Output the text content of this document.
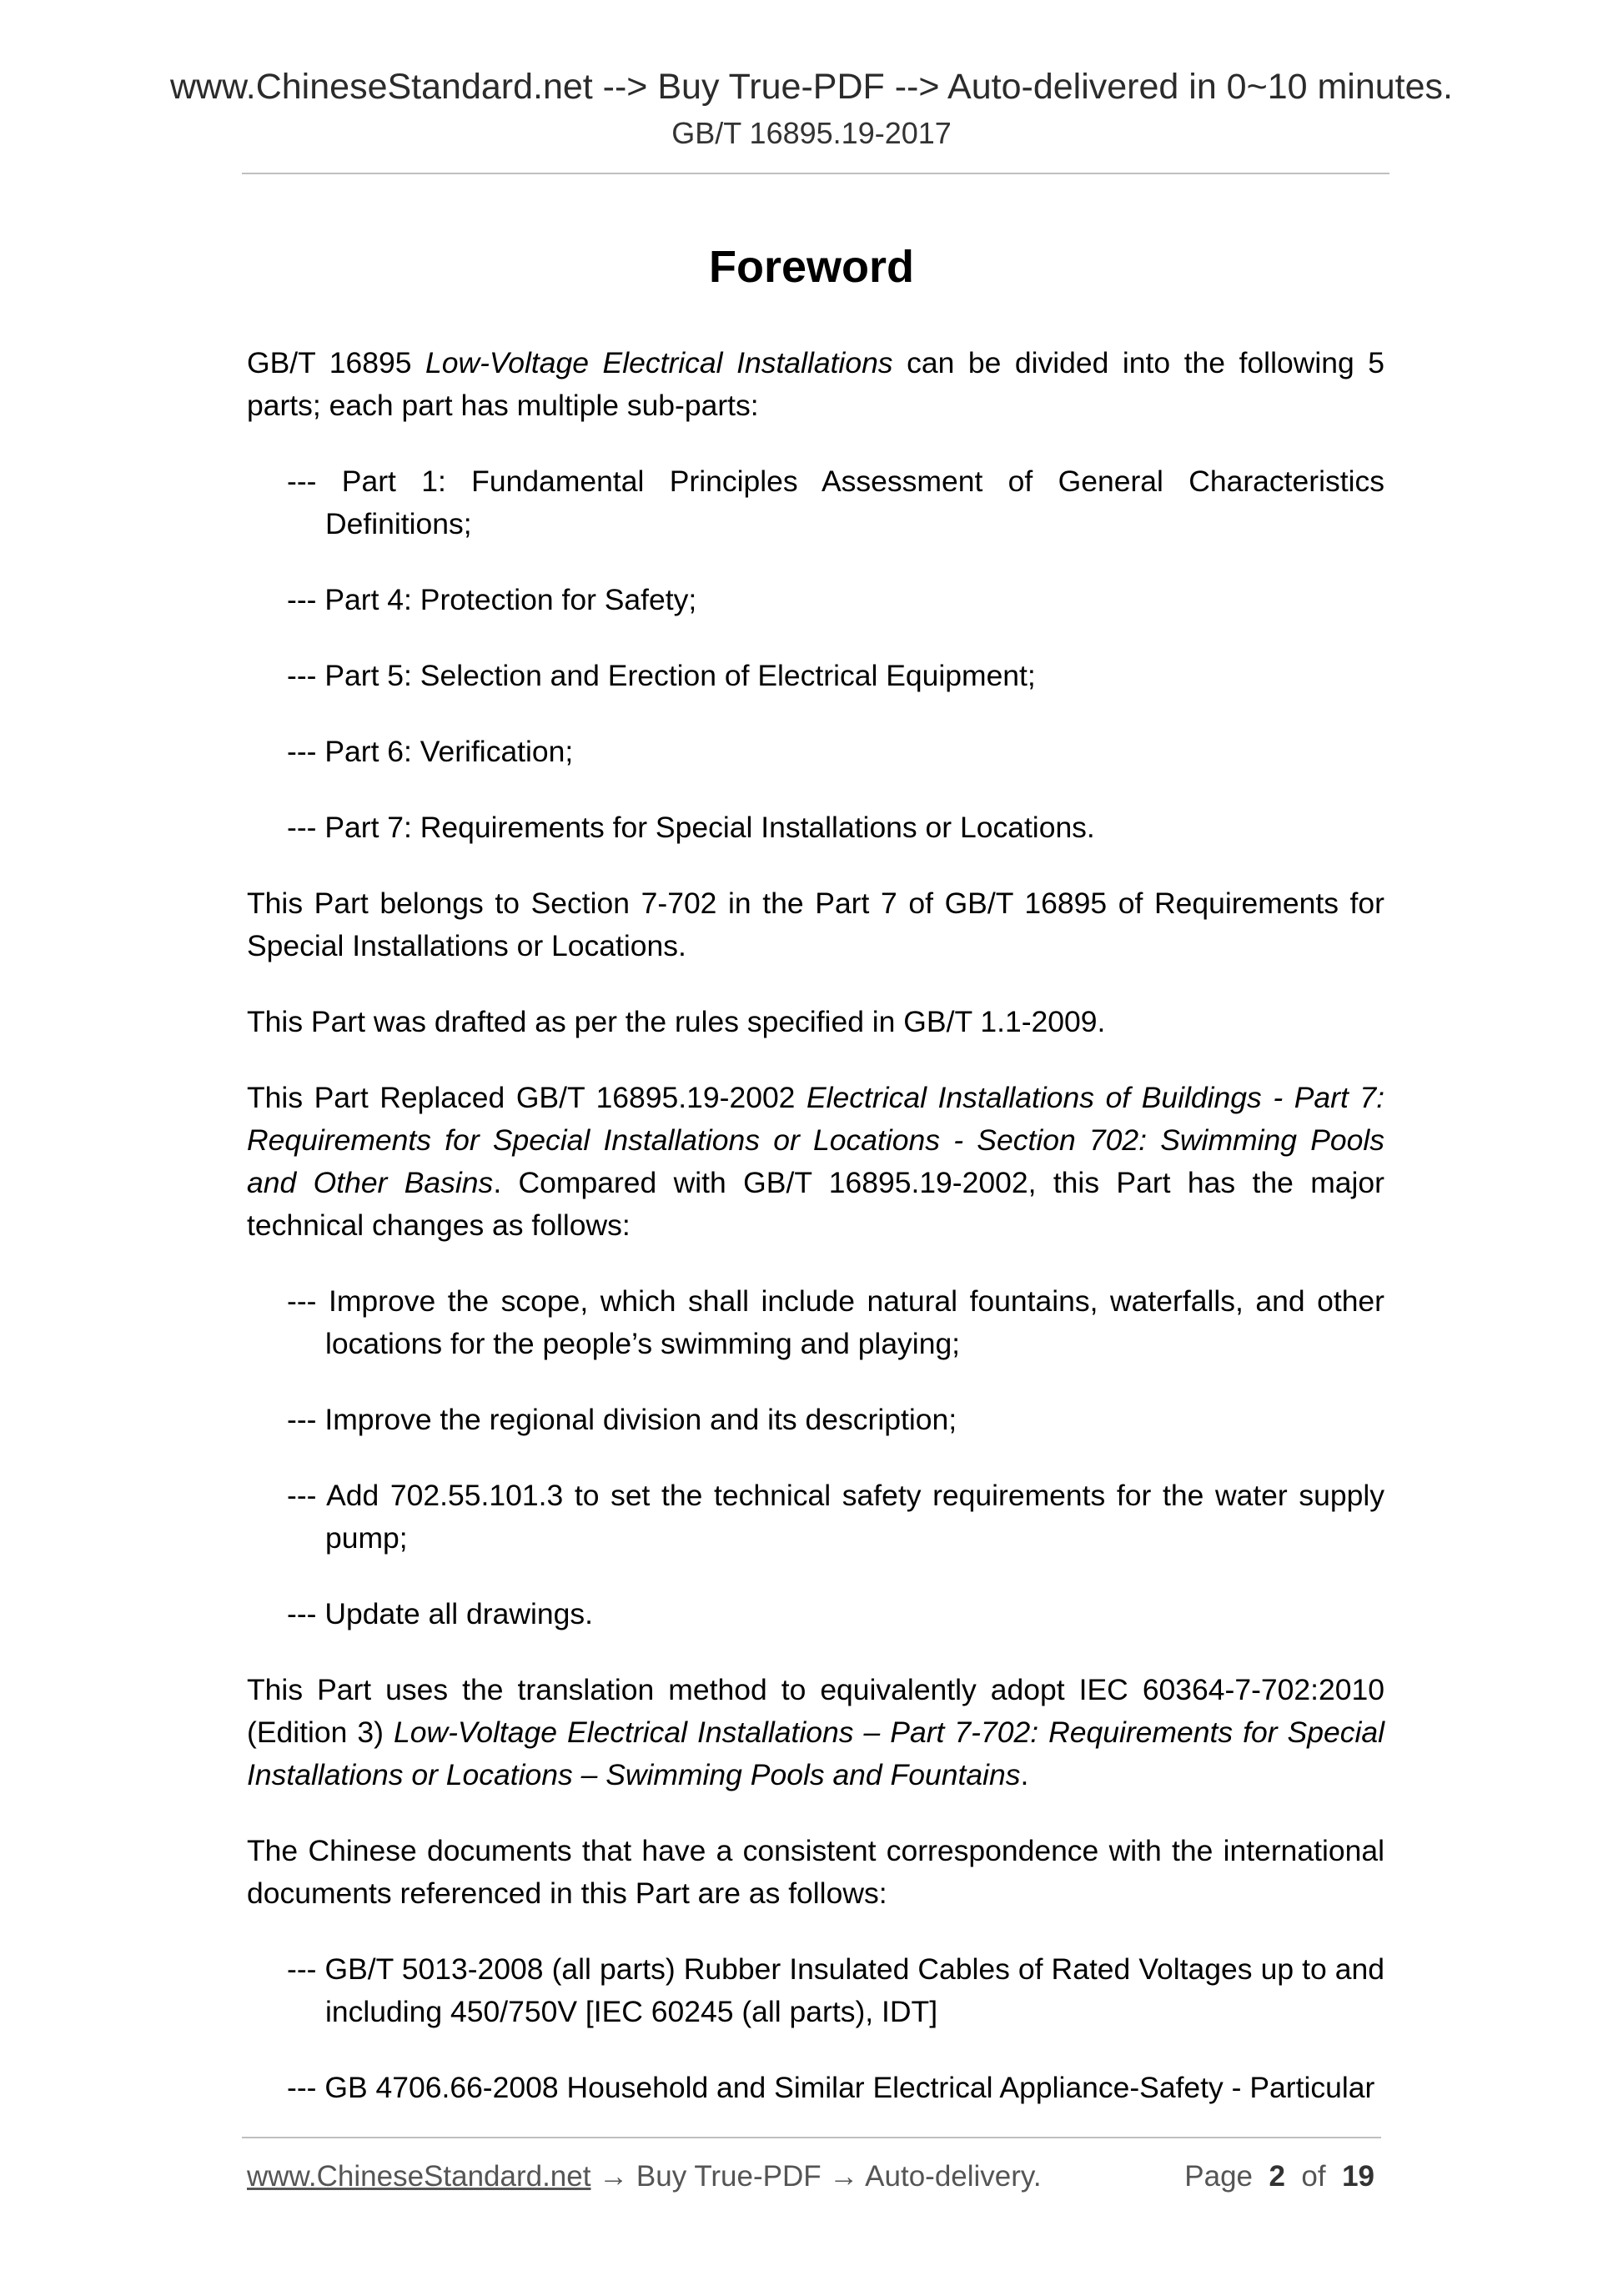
www.ChineseStandard.net --> Buy True-PDF --> Auto-delivered in 0~10 minutes.
GB/T 16895.19-2017
Foreword

GB/T 16895 Low-Voltage Electrical Installations can be divided into the following 5 parts; each part has multiple sub-parts:

--- Part 1: Fundamental Principles Assessment of General Characteristics Definitions;

--- Part 4: Protection for Safety;

--- Part 5: Selection and Erection of Electrical Equipment;

--- Part 6: Verification;

--- Part 7: Requirements for Special Installations or Locations.

This Part belongs to Section 7-702 in the Part 7 of GB/T 16895 of Requirements for Special Installations or Locations.

This Part was drafted as per the rules specified in GB/T 1.1-2009.

This Part Replaced GB/T 16895.19-2002 Electrical Installations of Buildings - Part 7: Requirements for Special Installations or Locations - Section 702: Swimming Pools and Other Basins. Compared with GB/T 16895.19-2002, this Part has the major technical changes as follows:

--- Improve the scope, which shall include natural fountains, waterfalls, and other locations for the people’s swimming and playing;

--- Improve the regional division and its description;

--- Add 702.55.101.3 to set the technical safety requirements for the water supply pump;

--- Update all drawings.

This Part uses the translation method to equivalently adopt IEC 60364-7-702:2010 (Edition 3) Low-Voltage Electrical Installations – Part 7-702: Requirements for Special Installations or Locations – Swimming Pools and Fountains.

The Chinese documents that have a consistent correspondence with the international documents referenced in this Part are as follows:

--- GB/T 5013-2008 (all parts) Rubber Insulated Cables of Rated Voltages up to and including 450/750V [IEC 60245 (all parts), IDT]

--- GB 4706.66-2008 Household and Similar Electrical Appliance-Safety - Particular

www.ChineseStandard.net → Buy True-PDF → Auto-delivery.	Page 2 of 19
